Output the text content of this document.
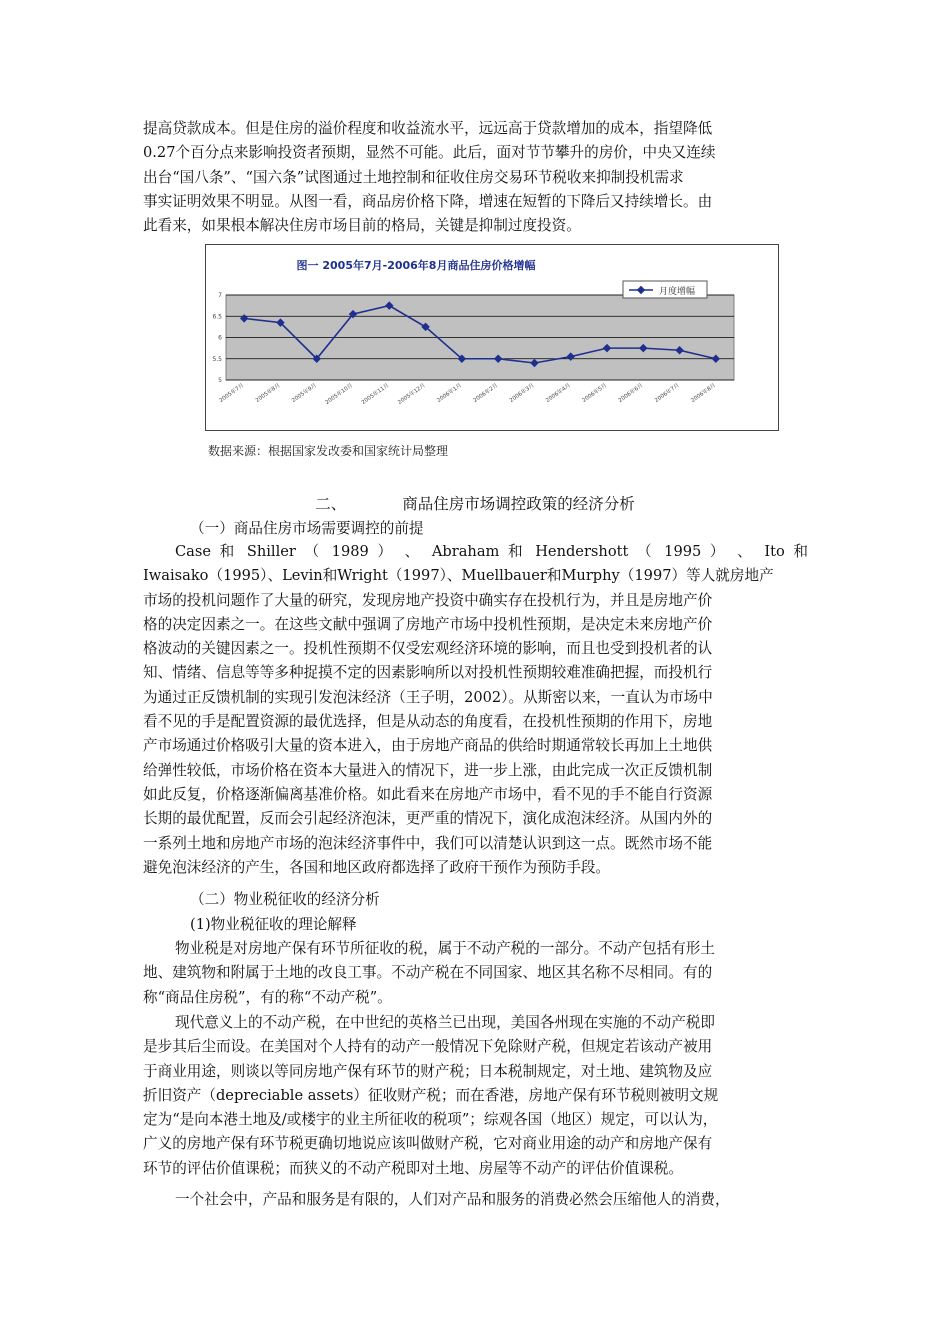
提高贷款成本。但是住房的溢价程度和收益流水平，远远高于贷款增加的成本，指望降低
0.27个百分点来影响投资者预期，显然不可能。此后，面对节节攀升的房价，中央又连续
出台“国八条”、“国六条”试图通过土地控制和征收住房交易环节税收来抑制投机需求
事实证明效果不明显。从图一看，商品房价格下降，增速在短暂的下降后又持续增长。由
此看来，如果根本解决住房市场目前的格局，关键是抑制过度投资。
图一 2005年7月-2006年8月商品住房价格增幅
5
5.5
6
6.5
7
2005年7月 2005年8月 2005年9月 2005年10月 2005年11月 2005年12月 2006年1月 2006年2月 2006年3月 2006年4月 2006年5月 2006年6月 2006年7月 2006年8月
月度增幅
数据来源：根据国家发改委和国家统计局整理
二、	商品住房市场调控政策的经济分析
（一）商品住房市场需要调控的前提
Case 和 Shiller （ 1989 ） 、 Abraham 和 Hendershott （ 1995 ） 、 Ito 和
Iwaisako（1995）、Levin和Wright（1997）、Muellbauer和Murphy（1997）等人就房地产
市场的投机问题作了大量的研究，发现房地产投资中确实存在投机行为，并且是房地产价
格的决定因素之一。在这些文献中强调了房地产市场中投机性预期，是决定未来房地产价
格波动的关键因素之一。投机性预期不仅受宏观经济环境的影响，而且也受到投机者的认
知、情绪、信息等等多种捉摸不定的因素影响所以对投机性预期较难准确把握，而投机行
为通过正反馈机制的实现引发泡沫经济（王子明，2002）。从斯密以来，一直认为市场中
看不见的手是配置资源的最优选择，但是从动态的角度看，在投机性预期的作用下，房地
产市场通过价格吸引大量的资本进入，由于房地产商品的供给时期通常较长再加上土地供
给弹性较低，市场价格在资本大量进入的情况下，进一步上涨，由此完成一次正反馈机制
如此反复，价格逐渐偏离基准价格。如此看来在房地产市场中，看不见的手不能自行资源
长期的最优配置，反而会引起经济泡沫，更严重的情况下，演化成泡沫经济。从国内外的
一系列土地和房地产市场的泡沫经济事件中，我们可以清楚认识到这一点。既然市场不能
避免泡沫经济的产生，各国和地区政府都选择了政府干预作为预防手段。
（二）物业税征收的经济分析
(1)物业税征收的理论解释
物业税是对房地产保有环节所征收的税，属于不动产税的一部分。不动产包括有形土
地、建筑物和附属于土地的改良工事。不动产税在不同国家、地区其名称不尽相同。有的
称“商品住房税”，有的称“不动产税”。
现代意义上的不动产税，在中世纪的英格兰已出现，美国各州现在实施的不动产税即
是步其后尘而设。在美国对个人持有的动产一般情况下免除财产税，但规定若该动产被用
于商业用途，则谈以等同房地产保有环节的财产税；日本税制规定，对土地、建筑物及应
折旧资产（depreciable assets）征收财产税；而在香港，房地产保有环节税则被明文规
定为“是向本港土地及/或楼宇的业主所征收的税项”；综观各国（地区）规定，可以认为，
广义的房地产保有环节税更确切地说应该叫做财产税，它对商业用途的动产和房地产保有
环节的评估价值课税；而狭义的不动产税即对土地、房屋等不动产的评估价值课税。
一个社会中，产品和服务是有限的，人们对产品和服务的消费必然会压缩他人的消费，
